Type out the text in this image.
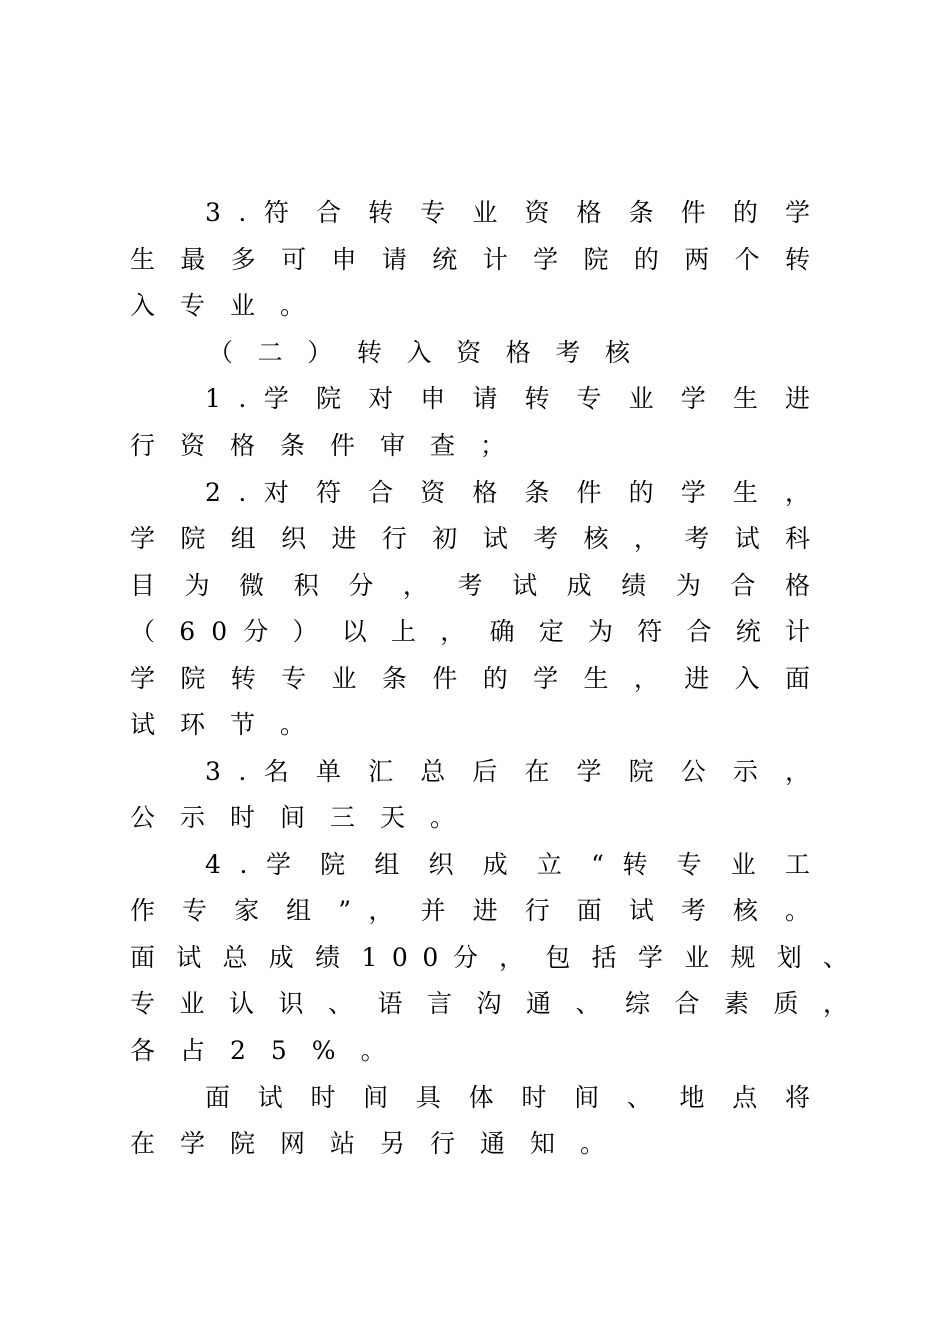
3 . 符 合 转 专 业 资 格 条 件 的 学
生 最 多 可 申 请 统 计 学 院 的 两 个 转
入专业。
（ 二 ） 转 入 资 格 考 核
1 . 学 院 对 申 请 转 专 业 学 生 进
行资格条件审查；
2 . 对 符 合 资 格 条 件 的 学 生 ，
学 院 组 织 进 行 初 试 考 核 ， 考 试 科
目 为 微 积 分 ， 考 试 成 绩 为 合 格
（ 6 0 分 ） 以 上 ， 确 定 为 符 合 统 计
学 院 转 专 业 条 件 的 学 生 ， 进 入 面
试环节。
3 . 名 单 汇 总 后 在 学 院 公 示 ，
公示时间三天。
4 . 学 院 组 织 成 立 “ 转 专 业 工
作 专 家 组 ” ， 并 进 行 面 试 考 核 。
面 试 总 成 绩 1 0 0 分 ， 包 括 学 业 规 划 、
专 业 认 识 、 语 言 沟 通 、 综 合 素 质 ，
各占25%。
面 试 时 间 具 体 时 间 、 地 点 将
在学院网站另行通知。
